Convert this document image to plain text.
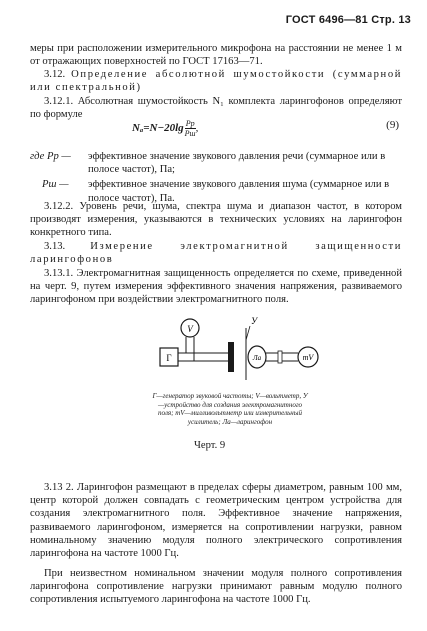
ГОСТ 6496—81 Стр. 13
меры при расположении измерительного микрофона на расстоянии не менее 1 м от отражающих поверхностей по ГОСТ 17163—71.
3.12. Определение абсолютной шумостойкости (суммарной или спектральной)
3.12.1. Абсолютная шумостойкость N₁ комплекта ларингофонов определяют по формуле
$N_a=N-20\lg \frac{Pp}{Pш}$ ,	(9)
где Pp —	эффективное значение звукового давления речи (суммарное или в полосе частот), Па;
Pш —	эффективное значение звукового давления шума (суммарное или в полосе частот), Па.
3.12.2. Уровень речи, шума, спектра шума и диапазон частот, в котором производят измерения, указываются в технических условиях на ларингофон конкретного типа.
3.13. Измерение электромагнитной защищенности ларингофонов
3.13.1. Электромагнитная защищенность определяется по схеме, приведенной на черт. 9, путем измерения эффективного значения напряжения, развиваемого ларингофоном при воздействии электромагнитного поля.
Г
V
У
Ла	mV
Г—генератор звуковой частоты; V—вольтметр, У—устройство для создания электромагнитного поля; mV—милливольтметр или измерительный усилитель; Ла—ларингофон
Черт. 9
3.13 2. Ларингофон размещают в пределах сферы диаметром, равным 100 мм, центр которой должен совпадать с геометрическим центром устройства для создания электромагнитного поля. Эффективное значение напряжения, развиваемого ларингофоном, измеряется на сопротивлении нагрузки, равном номинальному значению модуля полного электрического сопротивления ларингофона на частоте 1000 Гц.
При неизвестном номинальном значении модуля полного сопротивления ларингофона сопротивление нагрузки принимают равным модулю полного сопротивления испытуемого ларингофона на частоте 1000 Гц.
